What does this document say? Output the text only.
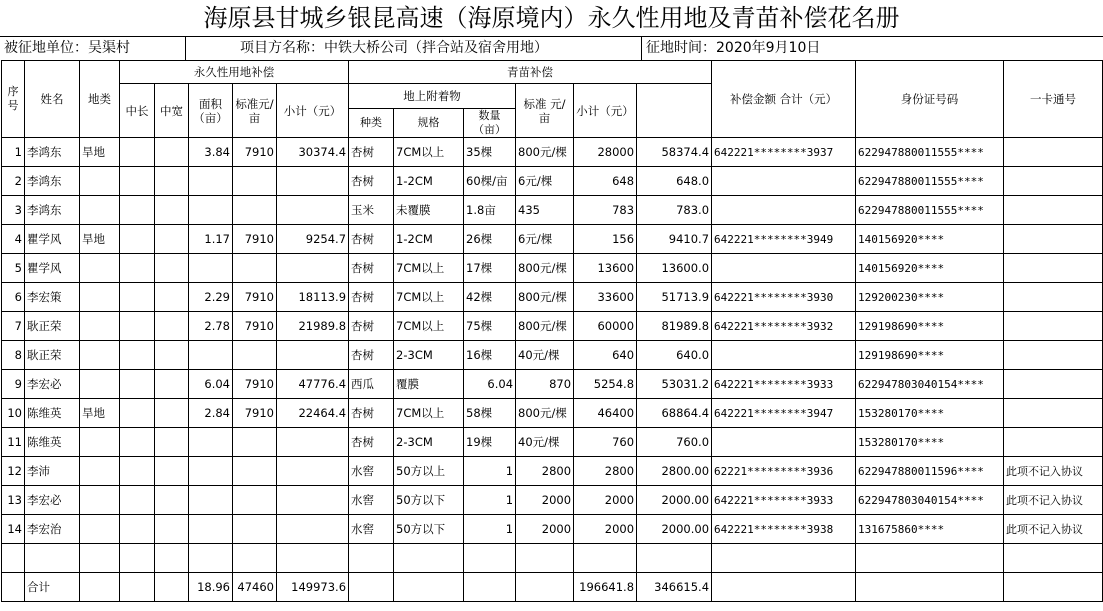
海原县甘城乡银昆高速（海原境内）永久性用地及青苗补偿花名册
被征地单位：吴渠村	项目方名称：中铁大桥公司（拌合站及宿舍用地）	征地时间：2020年9月10日
序号	姓名	地类	永久性用地补偿					青苗补偿						补偿金额 合计（元）	身份证号码	一卡通号	
			中长	中宽	面积（亩）	标准元/亩	小计（元）	地上附着物			标准 元/亩	小计（元）					
								种类	规格	数量（亩）							
1	李鸿东	旱地			3.84	7910	30374.4	杏树	7CM以上	35棵	800元/棵	28000	58374.4	642221********3937	622947880011555****		
2	李鸿东							杏树	1-2CM	60棵/亩	6元/棵	648	648.0		622947880011555****		
3	李鸿东							玉米	未覆膜	1.8亩	435	783	783.0		622947880011555****		
4	瞿学风	旱地			1.17	7910	9254.7	杏树	1-2CM	26棵	6元/棵	156	9410.7	642221********3949	140156920****		
5	瞿学风							杏树	7CM以上	17棵	800元/棵	13600	13600.0		140156920****		
6	李宏策				2.29	7910	18113.9	杏树	7CM以上	42棵	800元/棵	33600	51713.9	642221********3930	129200230****		
7	耿正荣				2.78	7910	21989.8	杏树	7CM以上	75棵	800元/棵	60000	81989.8	642221********3932	129198690****		
8	耿正荣							杏树	2-3CM	16棵	40元/棵	640	640.0		129198690****		
9	李宏必				6.04	7910	47776.4	西瓜	覆膜	6.04	870	5254.8	53031.2	642221********3933	622947803040154****		
10	陈维英	旱地			2.84	7910	22464.4	杏树	7CM以上	58棵	800元/棵	46400	68864.4	642221********3947	153280170****		
11	陈维英							杏树	2-3CM	19棵	40元/棵	760	760.0		153280170****		
12	李沛							水窖	50方以上	1	2800	2800	2800.00	62221*********3936	622947880011596****	此项不记入协议	
13	李宏必							水窖	50方以下	1	2000	2000	2000.00	642221********3933	622947803040154****	此项不记入协议	
14	李宏治							水窖	50方以下	1	2000	2000	2000.00	642221********3938	131675860****	此项不记入协议	

	合计				18.96	47460	149973.6					196641.8	346615.4				
